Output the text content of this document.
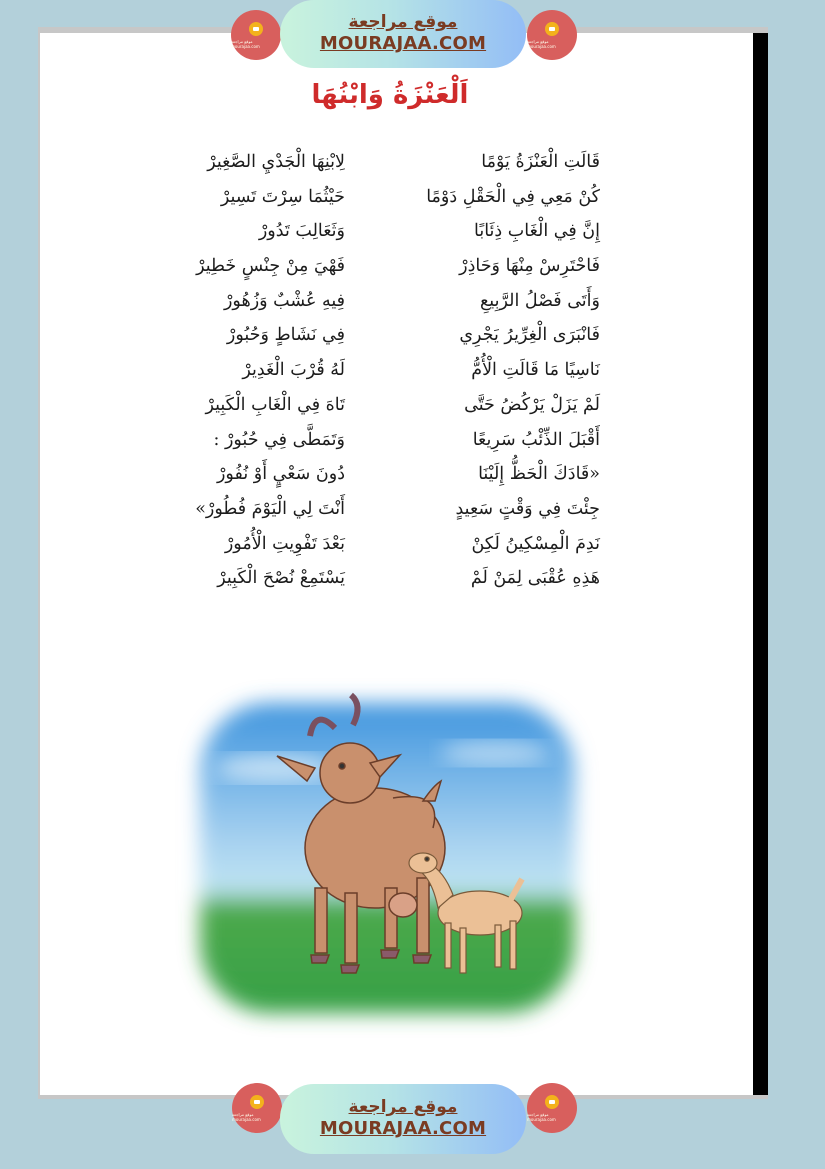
موقع مراجعة mourajaa.com
موقع مراجعة
MOURAJAA.COM	موقع مراجعة mourajaa.com
اَلْعَنْزَةُ وَابْنُهَا
قَالَتِ الْعَنْزَةُ يَوْمًا
كُنْ مَعِي فِي الْحَقْلِ دَوْمًا
إِنَّ فِي الْغَابِ ذِئَابًا
فَاحْتَرِسْ مِنْهَا وَحَاذِرْ
وَأَتَى فَصْلُ الرَّبِيعِ
فَانْبَرَى الْغِرِّيرُ يَجْرِي
نَاسِيًا مَا قَالَتِ الْأُمُّ
لَمْ يَزَلْ يَرْكُضُ حَتَّى
أَقْبَلَ الذِّئْبُ سَرِيعًا
«قَادَكَ الْحَظُّ إِلَيْنَا
جِئْتَ فِي وَقْتٍ سَعِيدٍ
نَدِمَ الْمِسْكِينُ لَكِنْ
هَذِهِ عُقْبَى لِمَنْ لَمْ
لِابْنِهَا الْجَدْيِ الصَّغِيرْ
حَيْثُمَا سِرْتَ تَسِيرْ
وَثَعَالِبَ تَدُورْ
فَهْيَ مِنْ جِنْسٍ خَطِيرْ
فِيهِ عُشْبٌ وَزُهُورْ
فِي نَشَاطٍ وَحُبُورْ
لَهُ قُرْبَ الْغَدِيرْ
تَاهَ فِي الْغَابِ الْكَبِيرْ
وَتَمَطَّى فِي حُبُورْ :
دُونَ سَعْيٍ أَوْ نُفُورْ
أَنْتَ لِي الْيَوْمَ فُطُورْ»
بَعْدَ تَفْوِيتِ الْأُمُورْ
يَسْتَمِعْ نُصْحَ الْكَبِيرْ
موقع مراجعة mourajaa.com
موقع مراجعة
MOURAJAA.COM
موقع مراجعة mourajaa.com
